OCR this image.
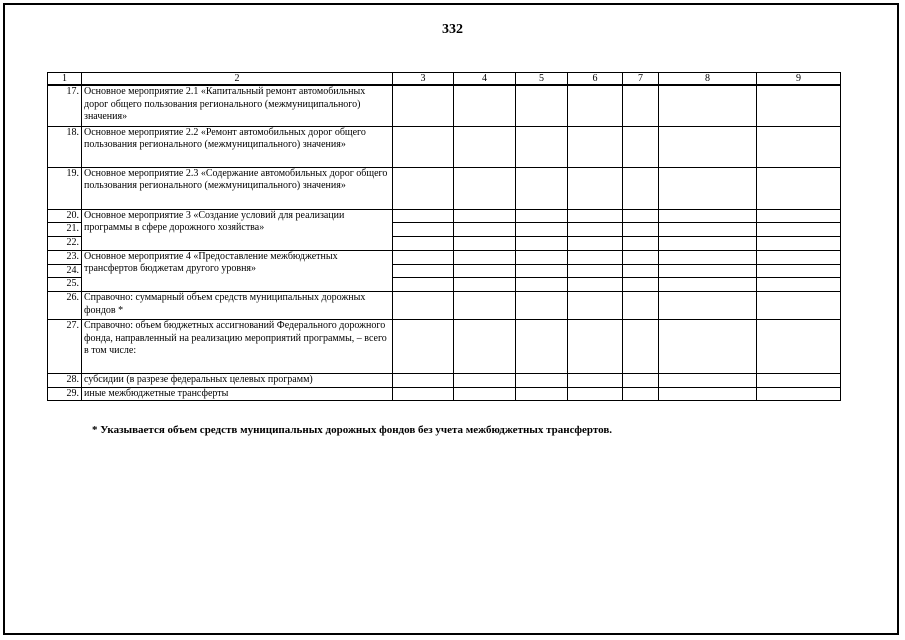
332
1	2	3	4	5	6	7	8	9
17.	Основное мероприятие 2.1 «Капитальный ремонт автомобильных дорог общего пользования регионального (межмуниципального) значения»							
18.	Основное мероприятие 2.2 «Ремонт автомобильных дорог общего пользования регионального (межмуниципального) значения»							
19.	Основное мероприятие 2.3 «Содержание автомобильных дорог общего пользования регионального (межмуниципального) значения»							
20.	Основное мероприятие 3 «Создание условий для реализации программы в сфере дорожного хозяйства»							
21.								
22.								
23.	Основное мероприятие 4 «Предоставление межбюджетных трансфертов бюджетам другого уровня»							
24.								
25.								
26.	Справочно: суммарный объем средств муниципальных дорожных фондов *							
27.	Справочно: объем бюджетных ассигнований Федерального дорожного фонда, направленный на реализацию мероприятий программы, – всего в том числе:							
28.	субсидии (в разрезе федеральных целевых программ)							
29.	иные межбюджетные трансферты							
* Указывается объем средств муниципальных дорожных фондов без учета межбюджетных трансфертов.
